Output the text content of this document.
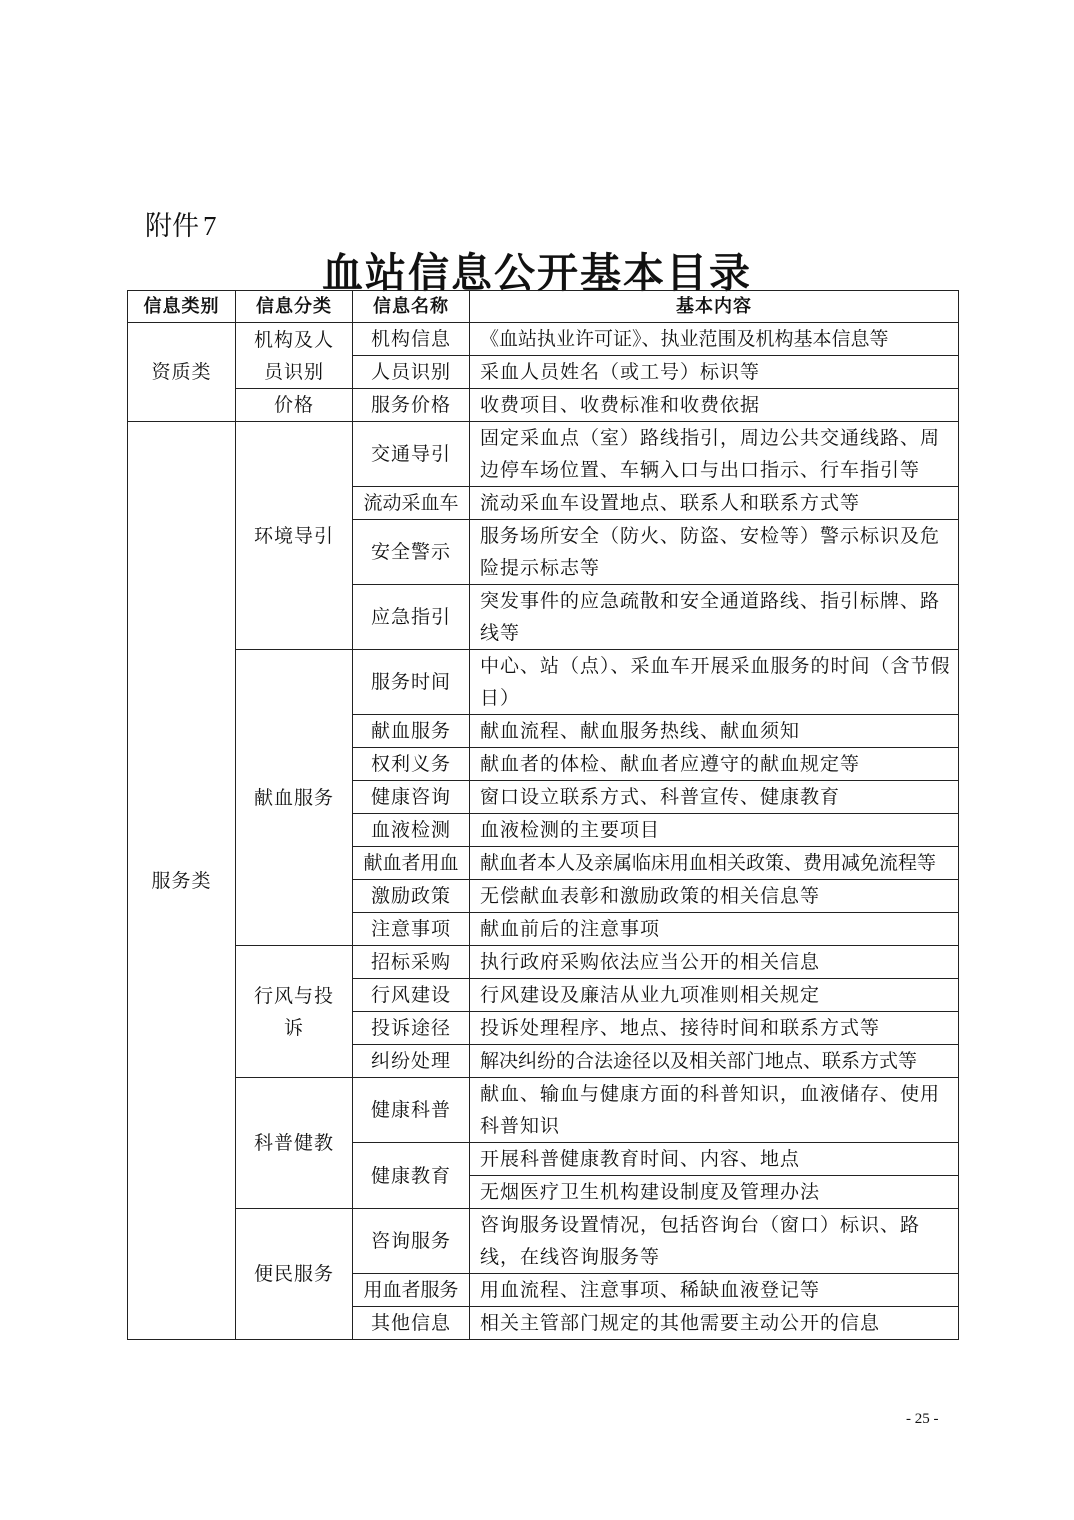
附件 7
血站信息公开基本目录
信息类别	信息分类	信息名称	基本内容
资质类	机构及人员识别	机构信息	《血站执业许可证》、执业范围及机构基本信息等
		人员识别	采血人员姓名（或工号）标识等
	价格	服务价格	收费项目、收费标准和收费依据
服务类	环境导引	交通导引	固定采血点（室）路线指引，周边公共交通线路、周边停车场位置、车辆入口与出口指示、行车指引等
		流动采血车	流动采血车设置地点、联系人和联系方式等
		安全警示	服务场所安全（防火、防盗、安检等）警示标识及危险提示标志等
		应急指引	突发事件的应急疏散和安全通道路线、指引标牌、路线等
	献血服务	服务时间	中心、站（点）、采血车开展采血服务的时间（含节假日）
		献血服务	献血流程、献血服务热线、献血须知
		权利义务	献血者的体检、献血者应遵守的献血规定等
		健康咨询	窗口设立联系方式、科普宣传、健康教育
		血液检测	血液检测的主要项目
		献血者用血	献血者本人及亲属临床用血相关政策、费用减免流程等
		激励政策	无偿献血表彰和激励政策的相关信息等
		注意事项	献血前后的注意事项
	行风与投诉	招标采购	执行政府采购依法应当公开的相关信息
		行风建设	行风建设及廉洁从业九项准则相关规定
		投诉途径	投诉处理程序、地点、接待时间和联系方式等
		纠纷处理	解决纠纷的合法途径以及相关部门地点、联系方式等
	科普健教	健康科普	献血、输血与健康方面的科普知识，血液储存、使用科普知识
		健康教育	开展科普健康教育时间、内容、地点
			无烟医疗卫生机构建设制度及管理办法
	便民服务	咨询服务	咨询服务设置情况，包括咨询台（窗口）标识、路线，在线咨询服务等
		用血者服务	用血流程、注意事项、稀缺血液登记等
		其他信息	相关主管部门规定的其他需要主动公开的信息
- 25 -
